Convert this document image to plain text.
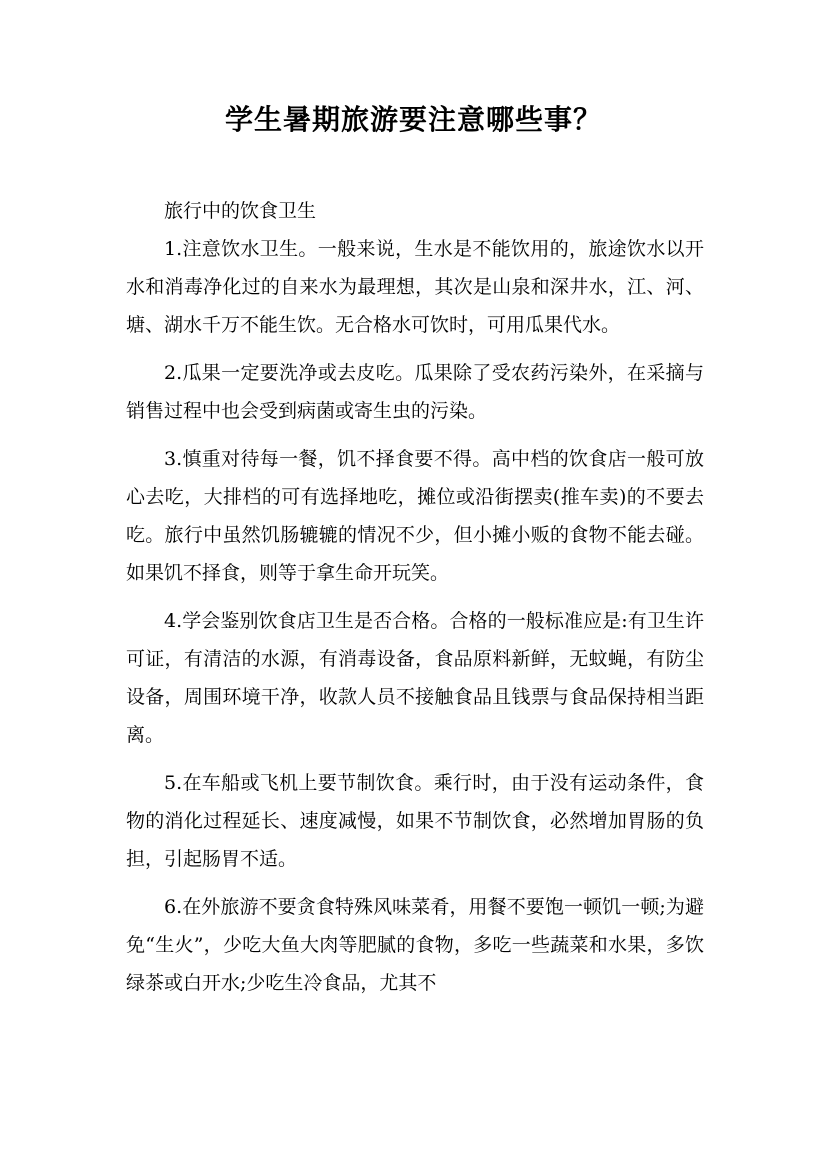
学生暑期旅游要注意哪些事？

旅行中的饮食卫生

1.注意饮水卫生。一般来说，生水是不能饮用的，旅途饮水以开水和消毒净化过的自来水为最理想，其次是山泉和深井水，江、河、塘、湖水千万不能生饮。无合格水可饮时，可用瓜果代水。

2.瓜果一定要洗净或去皮吃。瓜果除了受农药污染外，在采摘与销售过程中也会受到病菌或寄生虫的污染。

3.慎重对待每一餐，饥不择食要不得。高中档的饮食店一般可放心去吃，大排档的可有选择地吃，摊位或沿街摆卖(推车卖)的不要去吃。旅行中虽然饥肠辘辘的情况不少，但小摊小贩的食物不能去碰。如果饥不择食，则等于拿生命开玩笑。

4.学会鉴别饮食店卫生是否合格。合格的一般标准应是:有卫生许可证，有清洁的水源，有消毒设备，食品原料新鲜，无蚊蝇，有防尘设备，周围环境干净，收款人员不接触食品且钱票与食品保持相当距离。

5.在车船或飞机上要节制饮食。乘行时，由于没有运动条件，食物的消化过程延长、速度减慢，如果不节制饮食，必然增加胃肠的负担，引起肠胃不适。

6.在外旅游不要贪食特殊风味菜肴，用餐不要饱一顿饥一顿;为避免“生火”，少吃大鱼大肉等肥腻的食物，多吃一些蔬菜和水果，多饮绿茶或白开水;少吃生冷食品，尤其不
